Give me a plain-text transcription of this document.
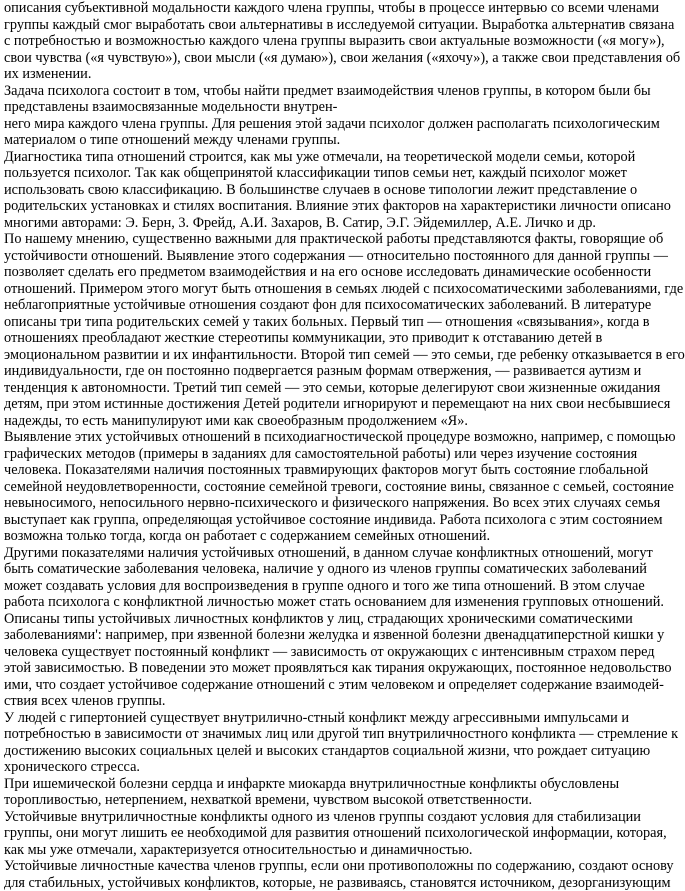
описания субъективной модальности каждого члена группы, чтобы в процессе интервью со всеми членами
группы каждый смог выработать свои альтернативы в исследуемой ситуации. Выработка альтернатив связана
с потребностью и возможностью каждого члена группы выразить свои актуальные возможности («я могу»),
свои чувства («я чувствую»), свои мысли («я думаю»), свои желания («яхочу»), а также свои представления об
их изменении.
Задача психолога состоит в том, чтобы найти предмет взаимодействия членов группы, в котором были бы
представлены взаимосвязанные модельности внутрен-
него мира каждого члена группы. Для решения этой задачи психолог должен располагать психологическим
материалом о типе отношений между членами группы.
Диагностика типа отношений строится, как мы уже отмечали, на теоретической модели семьи, которой
пользуется психолог. Так как общепринятой классификации типов семьи нет, каждый психолог может
использовать свою классификацию. В большинстве случаев в основе типологии лежит представление о
родительских установках и стилях воспитания. Влияние этих факторов на характеристики личности описано
многими авторами: Э. Берн, 3. Фрейд, А.И. Захаров, В. Сатир, Э.Г. Эйдемиллер, А.Е. Личко и др.
По нашему мнению, существенно важными для практической работы представляются факты, говорящие об
устойчивости отношений. Выявление этого содержания — относительно постоянного для данной группы —
позволяет сделать его предметом взаимодействия и на его основе исследовать динамические особенности
отношений. Примером этого могут быть отношения в семьях людей с психосоматическими заболеваниями, где
неблагоприятные устойчивые отношения создают фон для психосоматических заболеваний. В литературе
описаны три типа родительских семей у таких больных. Первый тип — отношения «связывания», когда в
отношениях преобладают жесткие стереотипы коммуникации, это приводит к отставанию детей в
эмоциональном развитии и их инфантильности. Второй тип семей — это семьи, где ребенку отказывается в его
индивидуальности, где он постоянно подвергается разным формам отвержения, — развивается аутизм и
тенденция к автономности. Третий тип семей — это семьи, которые делегируют свои жизненные ожидания
детям, при этом истинные достижения Детей родители игнорируют и перемещают на них свои несбывшиеся
надежды, то есть манипулируют ими как своеобразным продолжением «Я».
Выявление этих устойчивых отношений в психодиагностической процедуре возможно, например, с помощью
графических методов (примеры в заданиях для самостоятельной работы) или через изучение состояния
человека. Показателями наличия постоянных травмирующих факторов могут быть состояние глобальной
семейной неудовлетворенности, состояние семейной тревоги, состояние вины, связанное с семьей, состояние
невыносимого, непосильного нервно-психического и физического напряжения. Во всех этих случаях семья
выступает как группа, определяющая устойчивое состояние индивида. Работа психолога с этим состоянием
возможна только тогда, когда он работает с содержанием семейных отношений.
Другими показателями наличия устойчивых отношений, в данном случае конфликтных отношений, могут
быть соматические заболевания человека, наличие у одного из членов группы соматических заболеваний
может создавать условия для воспроизведения в группе одного и того же типа отношений. В этом случае
работа психолога с конфликтной личностью может стать основанием для изменения групповых отношений.
Описаны типы устойчивых личностных конфликтов у лиц, страдающих хроническими соматическими
заболеваниями': например, при язвенной болезни желудка и язвенной болезни двенадцатиперстной кишки у
человека существует постоянный конфликт — зависимость от окружающих с интенсивным страхом перед
этой зависимостью. В поведении это может проявляться как тирания окружающих, постоянное недовольство
ими, что создает устойчивое содержание отношений с этим человеком и определяет содержание взаимодей-
ствия всех членов группы.
У людей с гипертонией существует внутрилично-стный конфликт между агрессивными импульсами и
потребностью в зависимости от значимых лиц или другой тип внутриличностного конфликта — стремление к
достижению высоких социальных целей и высоких стандартов социальной жизни, что рождает ситуацию
хронического стресса.
При ишемической болезни сердца и инфаркте миокарда внутриличностные конфликты обусловлены
торопливостью, нетерпением, нехваткой времени, чувством высокой ответственности.
Устойчивые внутриличностные конфликты одного из членов группы создают условия для стабилизации
группы, они могут лишить ее необходимой для развития отношений психологической информации, которая,
как мы уже отмечали, характеризуется относительностью и динамичностью.
Устойчивые личностные качества членов группы, если они противоположны по содержанию, создают основу
для стабильных, устойчивых конфликтов, которые, не развиваясь, становятся источником, дезорганизующим
